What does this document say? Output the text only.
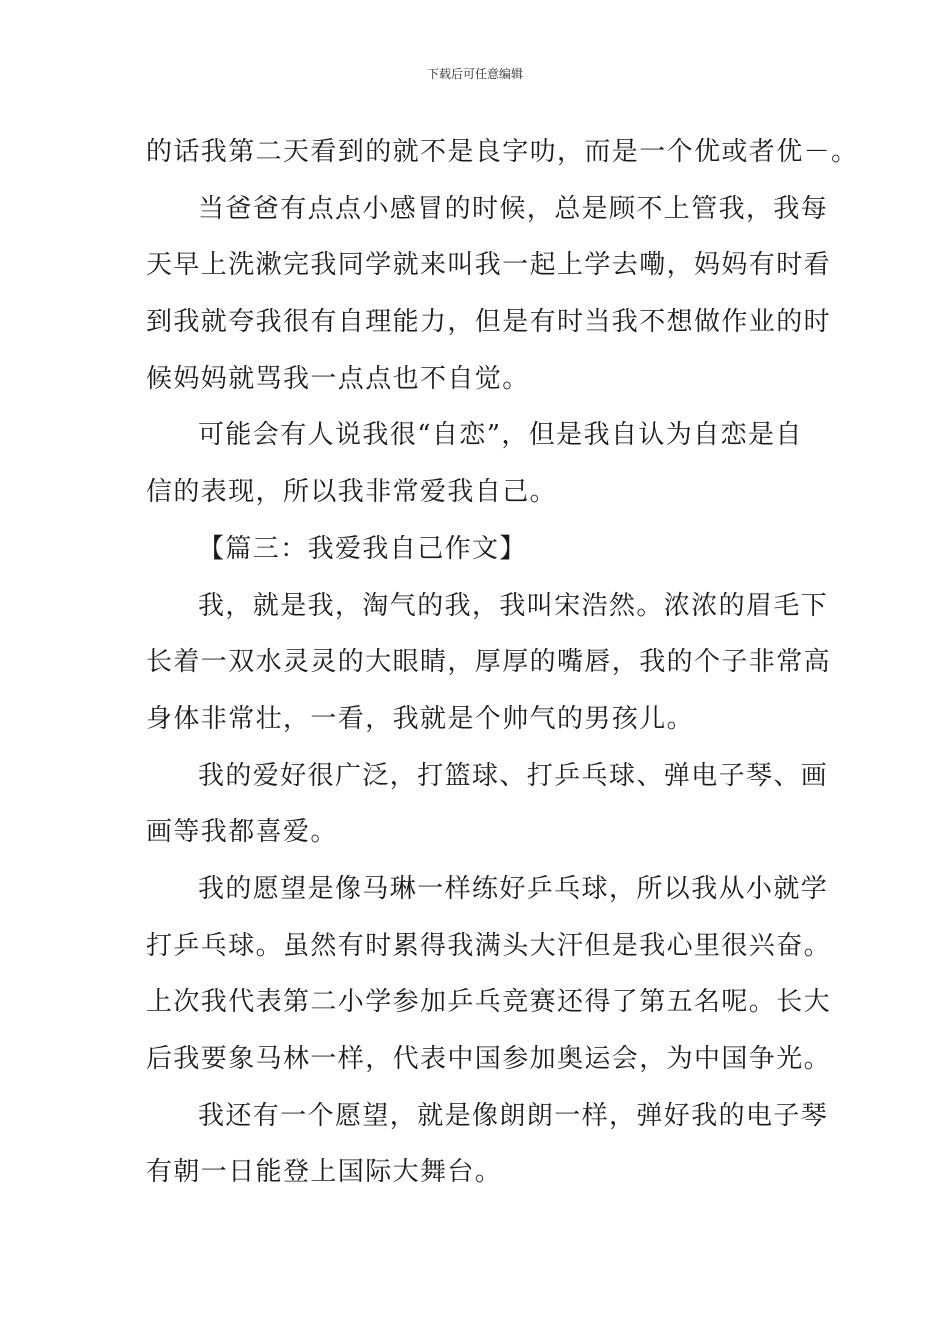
下载后可任意编辑
的话我第二天看到的就不是良字叻，而是一个优或者优－。
当爸爸有点点小感冒的时候，总是顾不上管我，我每
天早上洗漱完我同学就来叫我一起上学去嘞，妈妈有时看
到我就夸我很有自理能力，但是有时当我不想做作业的时
候妈妈就骂我一点点也不自觉。
可能会有人说我很“自恋”，但是我自认为自恋是自
信的表现，所以我非常爱我自己。
【篇三：我爱我自己作文】
我，就是我，淘气的我，我叫宋浩然。浓浓的眉毛下
长着一双水灵灵的大眼睛，厚厚的嘴唇，我的个子非常高
身体非常壮，一看，我就是个帅气的男孩儿。
我的爱好很广泛，打篮球、打乒乓球、弹电子琴、画
画等我都喜爱。
我的愿望是像马琳一样练好乒乓球，所以我从小就学
打乒乓球。虽然有时累得我满头大汗但是我心里很兴奋。
上次我代表第二小学参加乒乓竞赛还得了第五名呢。长大
后我要象马林一样，代表中国参加奥运会，为中国争光。
我还有一个愿望，就是像朗朗一样，弹好我的电子琴
有朝一日能登上国际大舞台。
